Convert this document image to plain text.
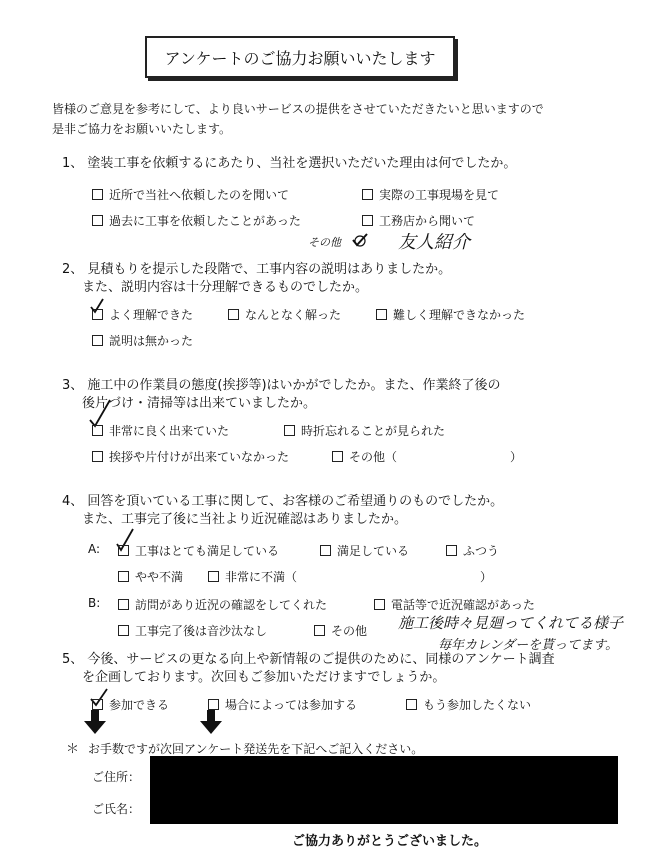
アンケートのご協力お願いいたします
皆様のご意見を参考にして、より良いサービスの提供をさせていただきたいと思いますので
是非ご協力をお願いいたします。
1、 塗装工事を依頼するにあたり、当社を選択いただいた理由は何でしたか。
近所で当社へ依頼したのを聞いて	実際の工事現場を見て
過去に工事を依頼したことがあった	工務店から聞いて
その他	友人紹介
2、 見積もりを提示した段階で、工事内容の説明はありましたか。
また、説明内容は十分理解できるものでしたか。
よく理解できた	なんとなく解った	難しく理解できなかった
説明は無かった
3、 施工中の作業員の態度(挨拶等)はいかがでしたか。また、作業終了後の
後片づけ・清掃等は出来ていましたか。
非常に良く出来ていた	時折忘れることが見られた
挨拶や片付けが出来ていなかった	その他（	）
4、 回答を頂いている工事に関して、お客様のご希望通りのものでしたか。
また、工事完了後に当社より近況確認はありましたか。
A:	工事はとても満足している	満足している	ふつう
やや不満	非常に不満（	）
B:	訪問があり近況の確認をしてくれた	電話等で近況確認があった
工事完了後は音沙汰なし	その他 施工後時々見廻ってくれてる様子
毎年カレンダーを貰ってます。
5、 今後、サービスの更なる向上や新情報のご提供のために、同様のアンケート調査
を企画しております。次回もご参加いただけますでしょうか。
参加できる	場合によっては参加する	もう参加したくない
＊ お手数ですが次回アンケート発送先を下記へご記入ください。
ご住所：
ご氏名：
ご協力ありがとうございました。
